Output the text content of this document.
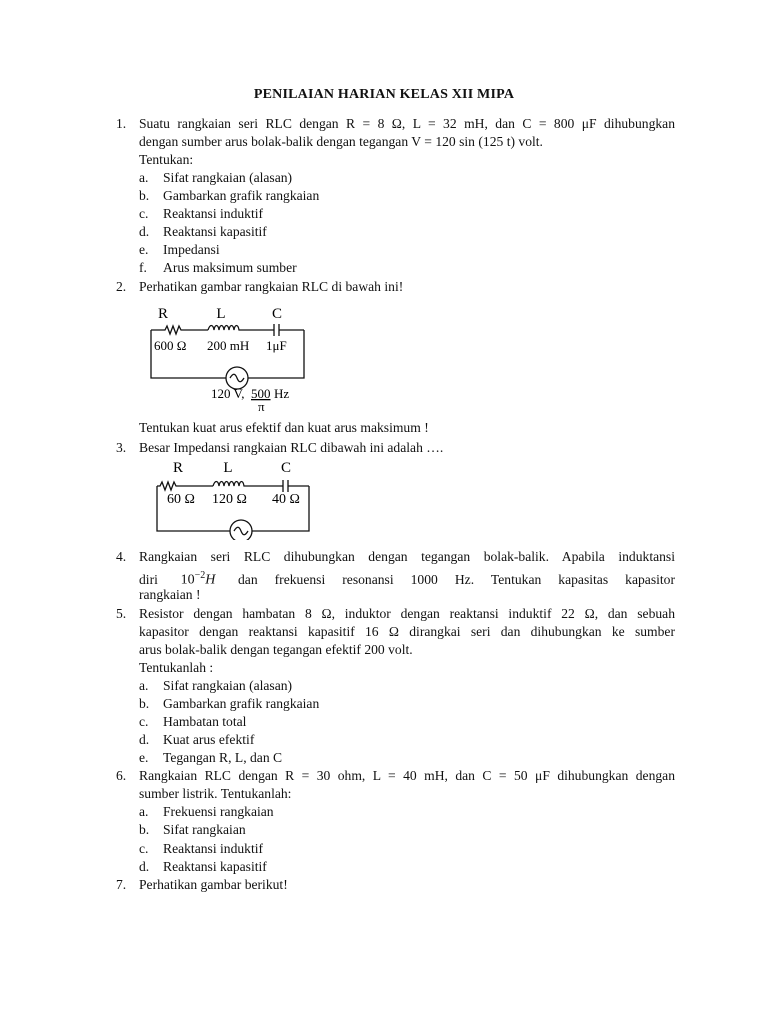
PENILAIAN HARIAN KELAS XII MIPA
1. Suatu rangkaian seri RLC dengan R = 8 Ω, L = 32 mH, dan C = 800 μF dihubungkan
dengan sumber arus bolak-balik dengan tegangan V = 120 sin (125 t) volt.
Tentukan:
a. Sifat rangkaian (alasan)
b. Gambarkan grafik rangkaian
c. Reaktansi induktif
d. Reaktansi kapasitif
e. Impedansi
f. Arus maksimum sumber
2. Perhatikan gambar rangkaian RLC di bawah ini!
R	L	C
600 Ω 200 mH 1μF
120 V, 500 Hz
π
Tentukan kuat arus efektif dan kuat arus maksimum !
3. Besar Impedansi rangkaian RLC dibawah ini adalah ….
R	L	C
60 Ω 120 Ω 40 Ω
4. Rangkaian seri RLC dihubungkan dengan tegangan bolak-balik. Apabila induktansi
diri $10^{-2}H$ dan frekuensi resonansi 1000 Hz. Tentukan kapasitas kapasitor
rangkaian !
5. Resistor dengan hambatan 8 Ω, induktor dengan reaktansi induktif 22 Ω, dan sebuah
kapasitor dengan reaktansi kapasitif 16 Ω dirangkai seri dan dihubungkan ke sumber
arus bolak-balik dengan tegangan efektif 200 volt.
Tentukanlah :
a. Sifat rangkaian (alasan)
b. Gambarkan grafik rangkaian
c. Hambatan total
d. Kuat arus efektif
e. Tegangan R, L, dan C
6. Rangkaian RLC dengan R = 30 ohm, L = 40 mH, dan C = 50 μF dihubungkan dengan
sumber listrik. Tentukanlah:
a. Frekuensi rangkaian
b. Sifat rangkaian
c. Reaktansi induktif
d. Reaktansi kapasitif
7. Perhatikan gambar berikut!
